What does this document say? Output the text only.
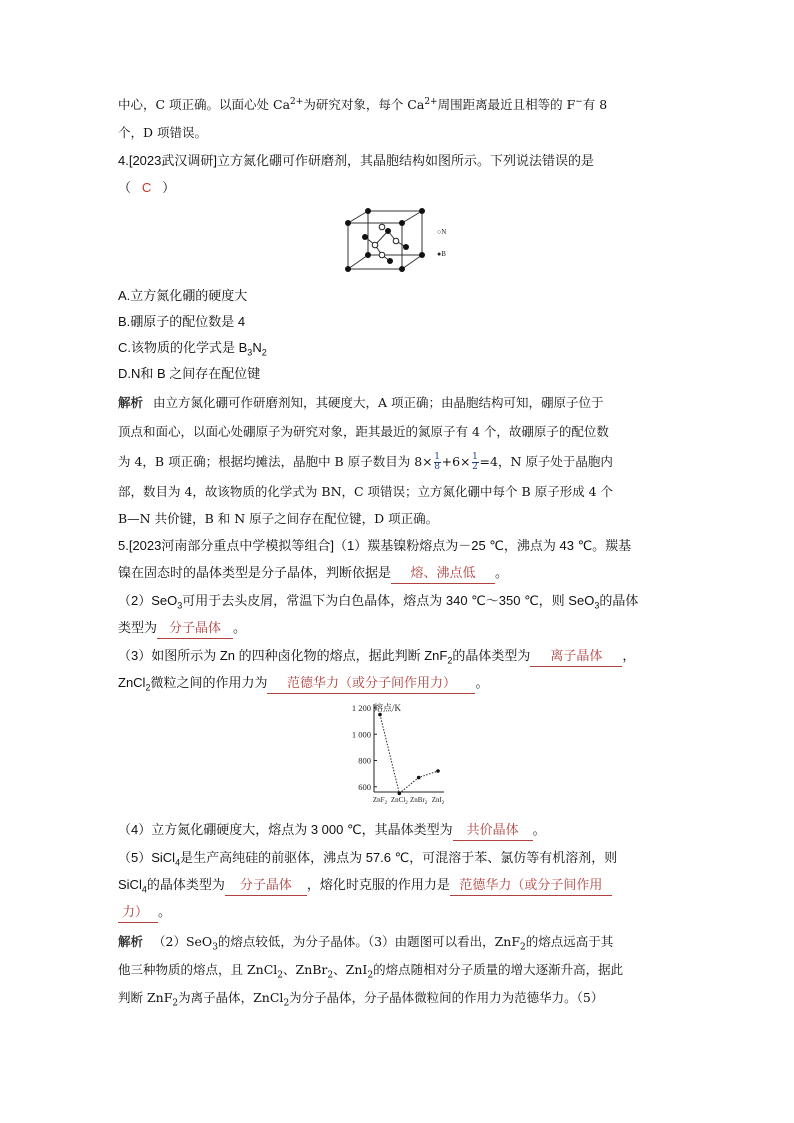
中心，C 项正确。以面心处 $Ca^{2+}$为研究对象，每个 $Ca^{2+}$周围距离最近且相等的 F−有 8
个，D 项错误。
4.[2023武汉调研]立方氮化硼可作研磨剂，其晶胞结构如图所示。下列说法错误的是
（ C ）
○N
●B
A.立方氮化硼的硬度大
B.硼原子的配位数是 4
C.该物质的化学式是 $B_3N_2$
D.N和 B 之间存在配位键
解析 由立方氮化硼可作研磨剂知，其硬度大，A 项正确；由晶胞结构可知，硼原子位于
顶点和面心，以面心处硼原子为研究对象，距其最近的氮原子有 4 个，故硼原子的配位数
为 4，B 项正确；根据均摊法，晶胞中 B 原子数目为 $8\times \frac{1}{8} +6\times \frac{1}{2} =4$，N 原子处于晶胞内
部，数目为 4，故该物质的化学式为 BN，C 项错误；立方氮化硼中每个 B 原子形成 4 个
B—N 共价键，B 和 N 原子之间存在配位键，D 项正确。
5.[2023河南部分重点中学模拟等组合]（1）羰基镍粉熔点为－25 ℃，沸点为 43 ℃。羰基
镍在固态时的晶体类型是分子晶体，判断依据是 熔、沸点低 。
（2）SeO$_3$可用于去头皮屑，常温下为白色晶体，熔点为 340 ℃～350 ℃，则 SeO$_3$的晶体
类型为 分子晶体 。
（3）如图所示为 Zn 的四种卤化物的熔点，据此判断 ZnF$_2$的晶体类型为 离子晶体 ，
ZnCl$_2$微粒之间的作用力为 范德华力（或分子间作用力） 。
600
800
1 000
1 200
ZnF$_2$ ZnCl$_2$ ZnBr$_2$ ZnI$_2$
熔点/K
（4）立方氮化硼硬度大，熔点为 3 000 ℃，其晶体类型为 共价晶体 。
（5）SiCl$_4$是生产高纯硅的前驱体，沸点为 57.6 ℃，可混溶于苯、氯仿等有机溶剂，则
SiCl$_4$的晶体类型为 分子晶体 ，熔化时克服的作用力是 范德华力（或分子间作用
力） 。
解析 （2）SeO$_3$的熔点较低，为分子晶体。（3）由题图可以看出，ZnF$_2$的熔点远高于其
他三种物质的熔点，且 ZnCl$_2$、ZnBr$_2$、ZnI$_2$的熔点随相对分子质量的增大逐渐升高，据此
判断 ZnF$_2$为离子晶体，ZnCl$_2$为分子晶体，分子晶体微粒间的作用力为范德华力。（5）
